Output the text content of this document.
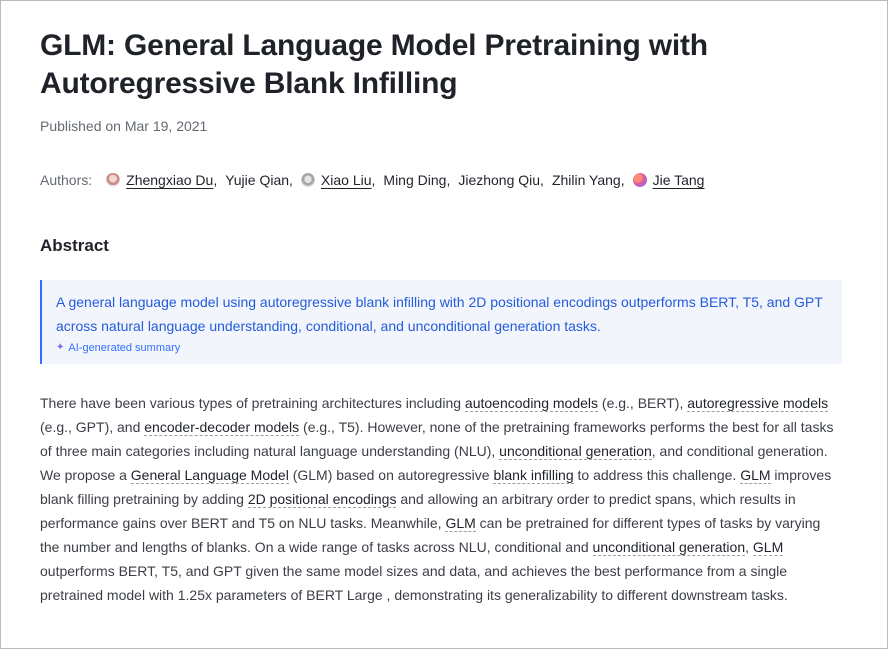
GLM: General Language Model Pretraining with Autoregressive Blank Infilling
Published on Mar 19, 2021
Authors: Zhengxiao Du , Yujie Qian , Xiao Liu , Ming Ding , Jiezhong Qiu , Zhilin Yang , Jie Tang
Abstract
A general language model using autoregressive blank infilling with 2D positional encodings outperforms BERT, T5, and GPT across natural language understanding, conditional, and unconditional generation tasks.
✦ AI-generated summary
There have been various types of pretraining architectures including autoencoding models (e.g., BERT), autoregressive models (e.g., GPT), and encoder-decoder models (e.g., T5). However, none of the pretraining frameworks performs the best for all tasks of three main categories including natural language understanding (NLU), unconditional generation, and conditional generation. We propose a General Language Model (GLM) based on autoregressive blank infilling to address this challenge. GLM improves blank filling pretraining by adding 2D positional encodings and allowing an arbitrary order to predict spans, which results in performance gains over BERT and T5 on NLU tasks. Meanwhile, GLM can be pretrained for different types of tasks by varying the number and lengths of blanks. On a wide range of tasks across NLU, conditional and unconditional generation, GLM outperforms BERT, T5, and GPT given the same model sizes and data, and achieves the best performance from a single pretrained model with 1.25x parameters of BERT Large , demonstrating its generalizability to different downstream tasks.
